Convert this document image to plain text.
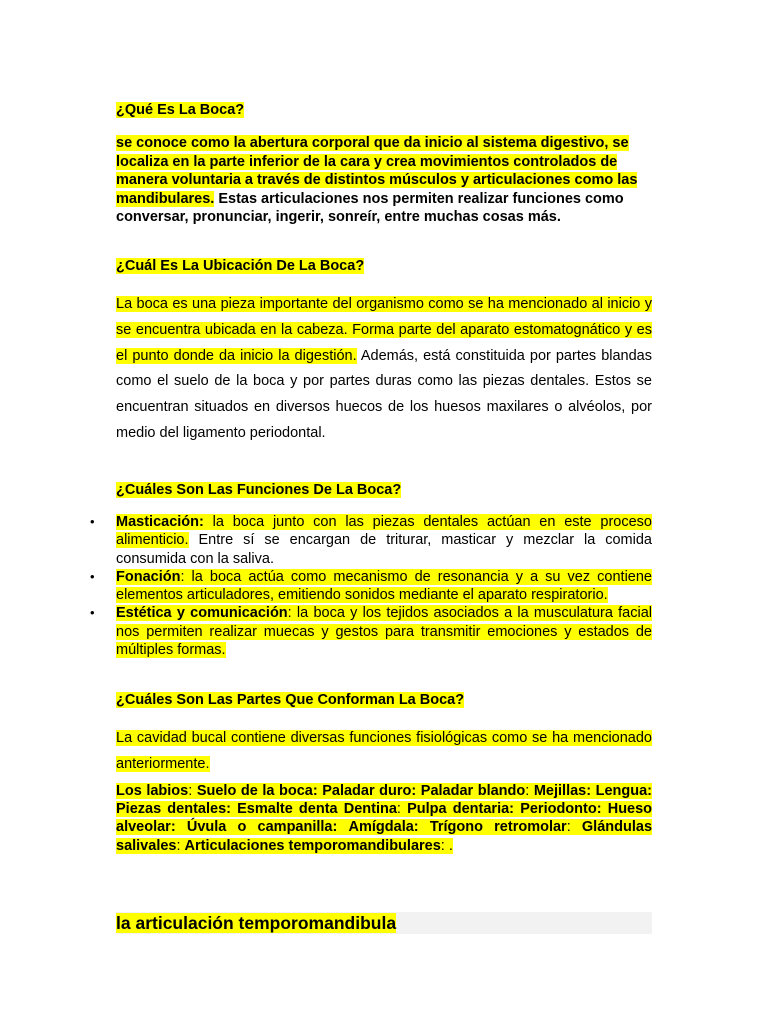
¿Qué Es La Boca?
se conoce como la abertura corporal que da inicio al sistema digestivo, se localiza en la parte inferior de la cara y crea movimientos controlados de manera voluntaria a través de distintos músculos y articulaciones como las mandibulares. Estas articulaciones nos permiten realizar funciones como conversar, pronunciar, ingerir, sonreír, entre muchas cosas más.
¿Cuál Es La Ubicación De La Boca?
La boca es una pieza importante del organismo como se ha mencionado al inicio y se encuentra ubicada en la cabeza. Forma parte del aparato estomatognático y es el punto donde da inicio la digestión. Además, está constituida por partes blandas como el suelo de la boca y por partes duras como las piezas dentales. Estos se encuentran situados en diversos huecos de los huesos maxilares o alvéolos, por medio del ligamento periodontal.
¿Cuáles Son Las Funciones De La Boca?
• Masticación: la boca junto con las piezas dentales actúan en este proceso alimenticio. Entre sí se encargan de triturar, masticar y mezclar la comida consumida con la saliva.
• Fonación: la boca actúa como mecanismo de resonancia y a su vez contiene elementos articuladores, emitiendo sonidos mediante el aparato respiratorio.
• Estética y comunicación: la boca y los tejidos asociados a la musculatura facial nos permiten realizar muecas y gestos para transmitir emociones y estados de múltiples formas.
¿Cuáles Son Las Partes Que Conforman La Boca?
La cavidad bucal contiene diversas funciones fisiológicas como se ha mencionado anteriormente.
Los labios: Suelo de la boca: Paladar duro: Paladar blando: Mejillas: Lengua: Piezas dentales: Esmalte denta Dentina: Pulpa dentaria: Periodonto: Hueso alveolar: Úvula o campanilla: Amígdala: Trígono retromolar: Glándulas salivales: Articulaciones temporomandibulares: .
la articulación temporomandibula
